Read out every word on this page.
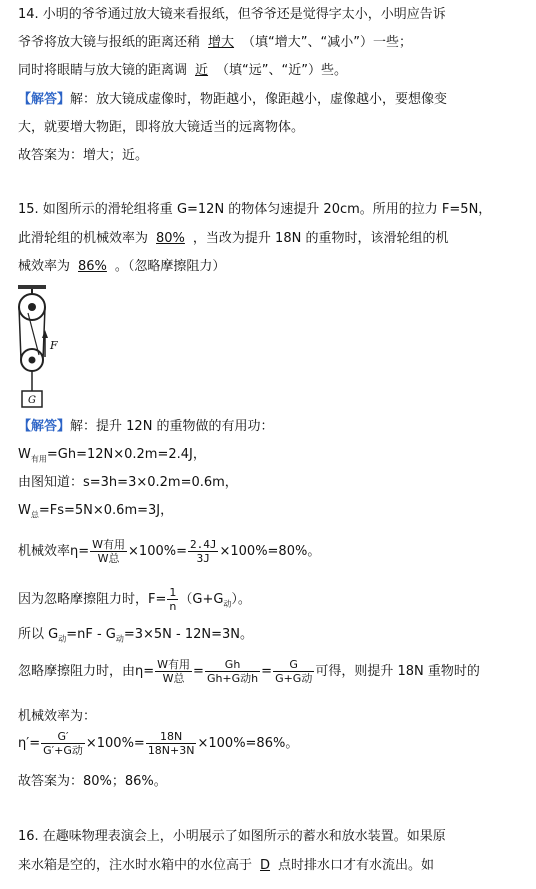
14. 小明的爷爷通过放大镜来看报纸，但爷爷还是觉得字太小，小明应告诉
爷爷将放大镜与报纸的距离还稍 增大 （填“增大”、“减小”）一些；
同时将眼睛与放大镜的距离调 近 （填“远”、“近”）些。
【解答】解：放大镜成虚像时，物距越小，像距越小，虚像越小，要想像变
大，就要增大物距，即将放大镜适当的远离物体。
故答案为：增大；近。
15. 如图所示的滑轮组将重 G=12N 的物体匀速提升 20cm。所用的拉力 F=5N，
此滑轮组的机械效率为 80% ，当改为提升 18N 的重物时，该滑轮组的机
械效率为 86% 。（忽略摩擦阻力）
F
G
【解答】解：提升 12N 的重物做的有用功：
$W_{有用}=Gh=12N\times 0.2m=2.4J$，
由图知道：s=3h=3×0.2m=0.6m，
$W_总=Fs=5N\times 0.6m=3J$，
机械效率$\eta= \frac{\text{W有用}}{\text{W总}} \times 100\%= \frac{2.4J}{3J} \times 100\%=80\%$。
因为忽略摩擦阻力时，$F= \frac{1}{n} (G+G_动)$。
所以 $G_动=nF - G_动=3\times 5N - 12N=3N$。
忽略摩擦阻力时，由$\eta= \frac{\text{W有用}}{\text{W总}} = \frac{Gh}{\text{Gh+G动h}} = \frac{G}{\text{G+G动}}$ 可得，则提升 18N 重物时的
机械效率为：
$\eta'= \frac{G'}{\text{G′+G动}} \times 100\%= \frac{18N}{18N+3N} \times 100\%=86\%$。
故答案为：80%；86%。
16. 在趣味物理表演会上，小明展示了如图所示的蓄水和放水装置。如果原
来水箱是空的，注水时水箱中的水位高于 D 点时排水口才有水流出。如
